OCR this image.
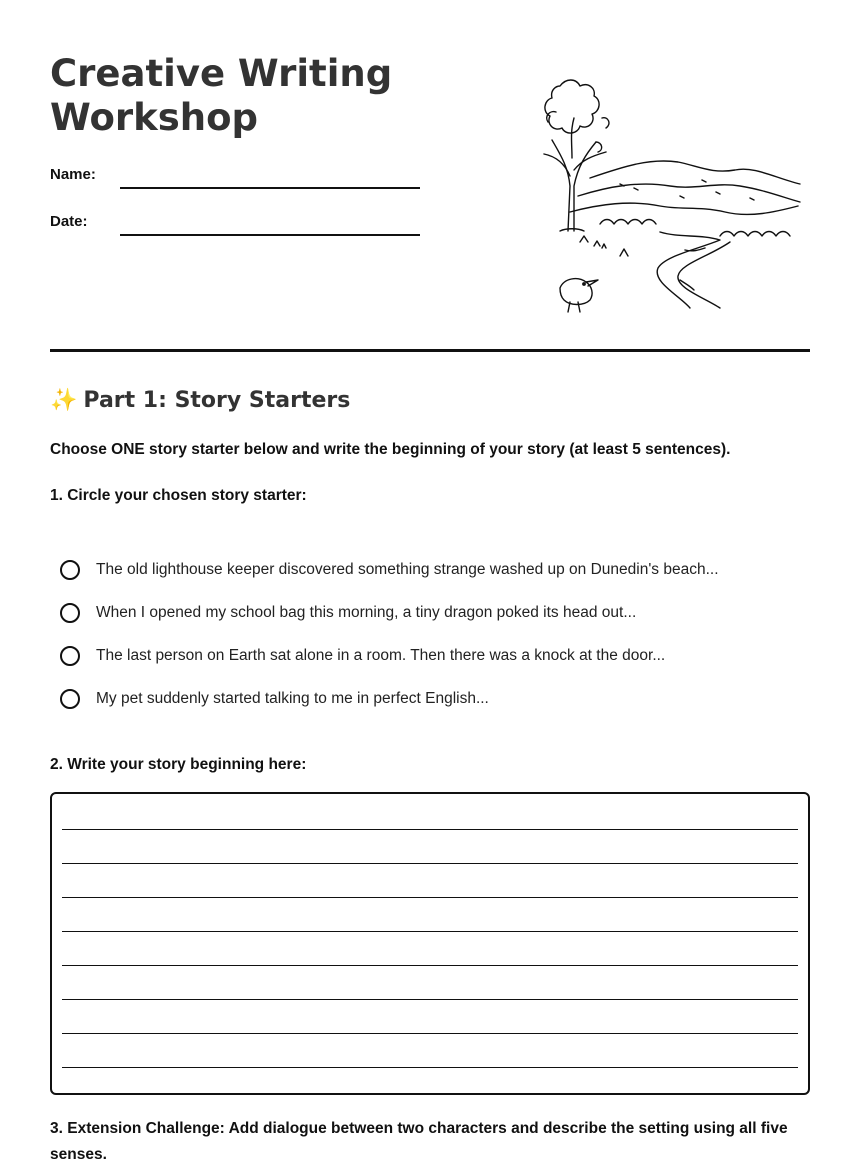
Creative Writing
Workshop
Name:
Date:
✨ Part 1: Story Starters
Choose ONE story starter below and write the beginning of your story (at least 5 sentences).
1. Circle your chosen story starter:
The old lighthouse keeper discovered something strange washed up on Dunedin's beach...
When I opened my school bag this morning, a tiny dragon poked its head out...
The last person on Earth sat alone in a room. Then there was a knock at the door...
My pet suddenly started talking to me in perfect English...
2. Write your story beginning here:

3. Extension Challenge: Add dialogue between two characters and describe the setting using all five senses.
